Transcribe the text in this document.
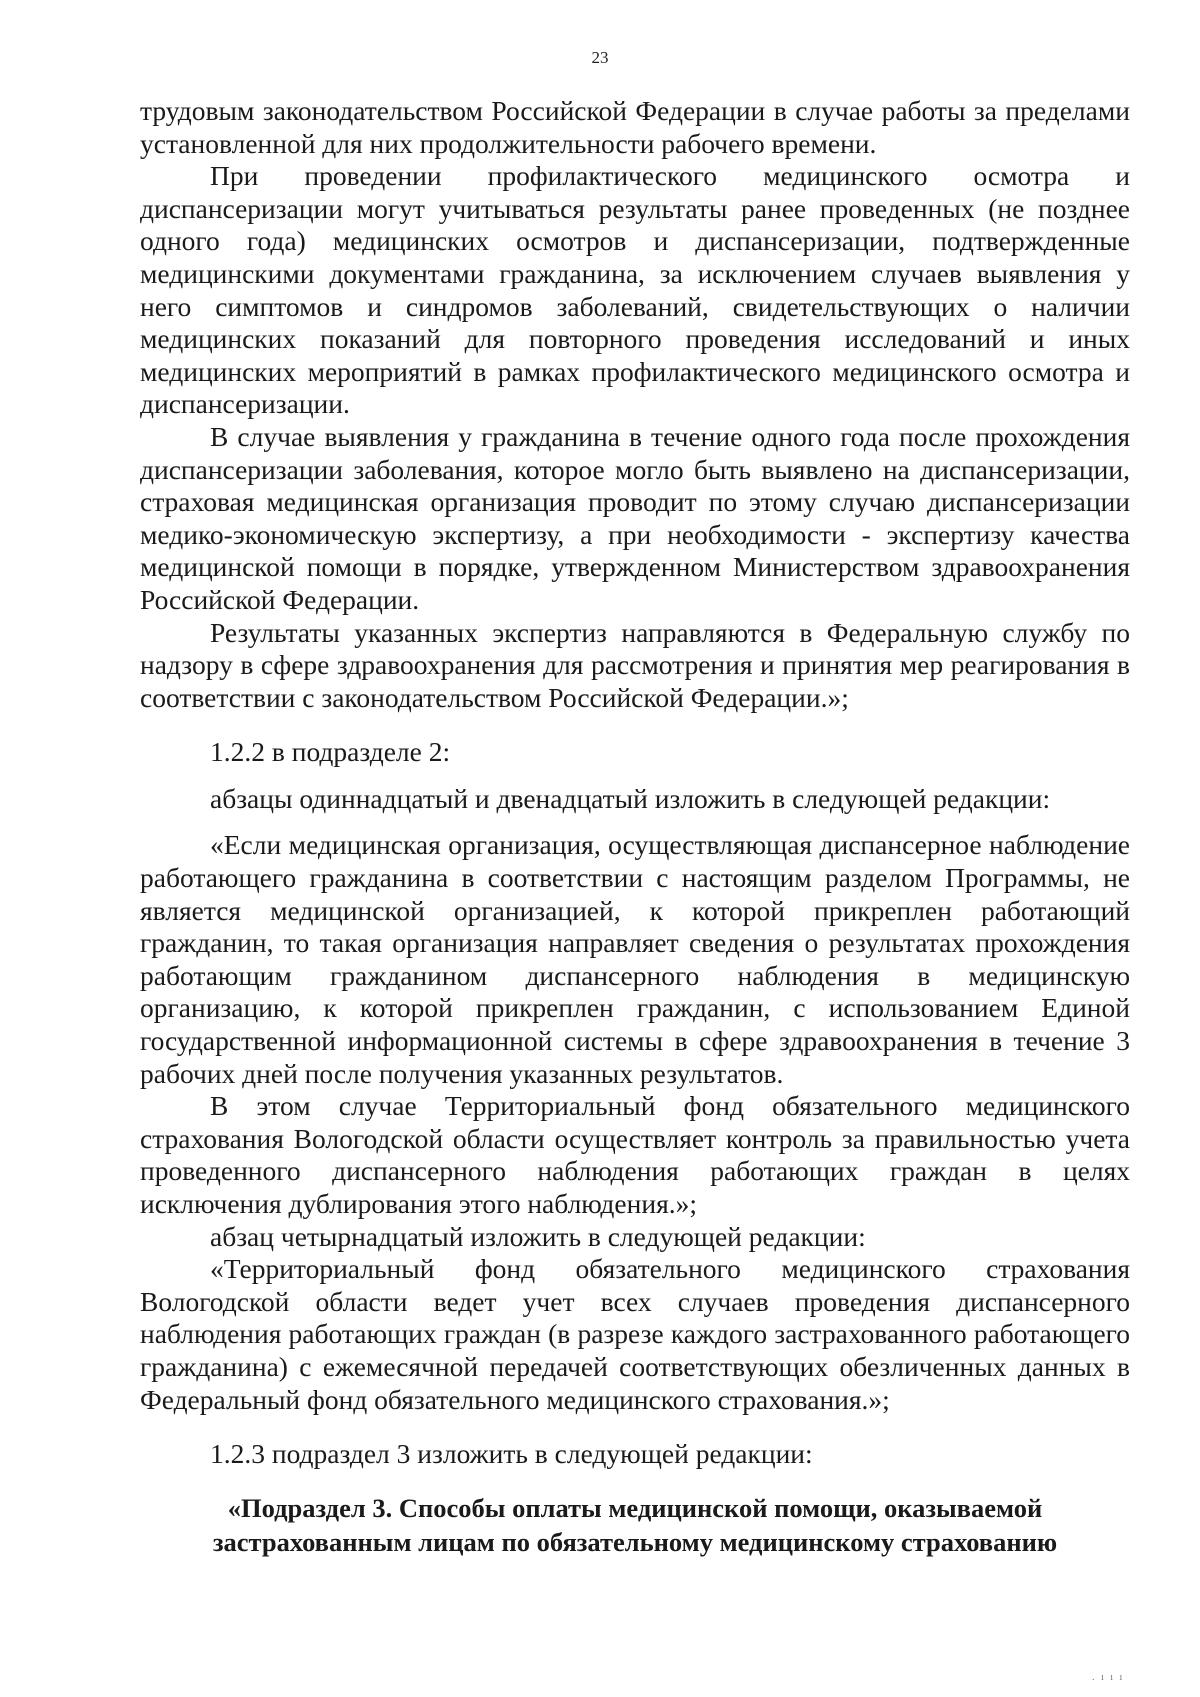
23

трудовым законодательством Российской Федерации в случае работы за пределами установленной для них продолжительности рабочего времени.

При проведении профилактического медицинского осмотра и диспансеризации могут учитываться результаты ранее проведенных (не позднее одного года) медицинских осмотров и диспансеризации, подтвержденные медицинскими документами гражданина, за исключением случаев выявления у него симптомов и синдромов заболеваний, свидетельствующих о наличии медицинских показаний для повторного проведения исследований и иных медицинских мероприятий в рамках профилактического медицинского осмотра и диспансеризации.

В случае выявления у гражданина в течение одного года после прохождения диспансеризации заболевания, которое могло быть выявлено на диспансеризации, страховая медицинская организация проводит по этому случаю диспансеризации медико-экономическую экспертизу, а при необходимости - экспертизу качества медицинской помощи в порядке, утвержденном Министерством здравоохранения Российской Федерации.

Результаты указанных экспертиз направляются в Федеральную службу по надзору в сфере здравоохранения для рассмотрения и принятия мер реагирования в соответствии с законодательством Российской Федерации.»;

1.2.2 в подразделе 2:

абзацы одиннадцатый и двенадцатый изложить в следующей редакции:

«Если медицинская организация, осуществляющая диспансерное наблюдение работающего гражданина в соответствии с настоящим разделом Программы, не является медицинской организацией, к которой прикреплен работающий гражданин, то такая организация направляет сведения о результатах прохождения работающим гражданином диспансерного наблюдения в медицинскую организацию, к которой прикреплен гражданин, с использованием Единой государственной информационной системы в сфере здравоохранения в течение 3 рабочих дней после получения указанных результатов.

В этом случае Территориальный фонд обязательного медицинского страхования Вологодской области осуществляет контроль за правильностью учета проведенного диспансерного наблюдения работающих граждан в целях исключения дублирования этого наблюдения.»;

абзац четырнадцатый изложить в следующей редакции:

«Территориальный фонд обязательного медицинского страхования Вологодской области ведет учет всех случаев проведения диспансерного наблюдения работающих граждан (в разрезе каждого застрахованного работающего гражданина) с ежемесячной передачей соответствующих обезличенных данных в Федеральный фонд обязательного медицинского страхования.»;

1.2.3 подраздел 3 изложить в следующей редакции:

«Подраздел 3. Способы оплаты медицинской помощи, оказываемой застрахованным лицам по обязательному медицинскому страхованию

. ı ı ı
